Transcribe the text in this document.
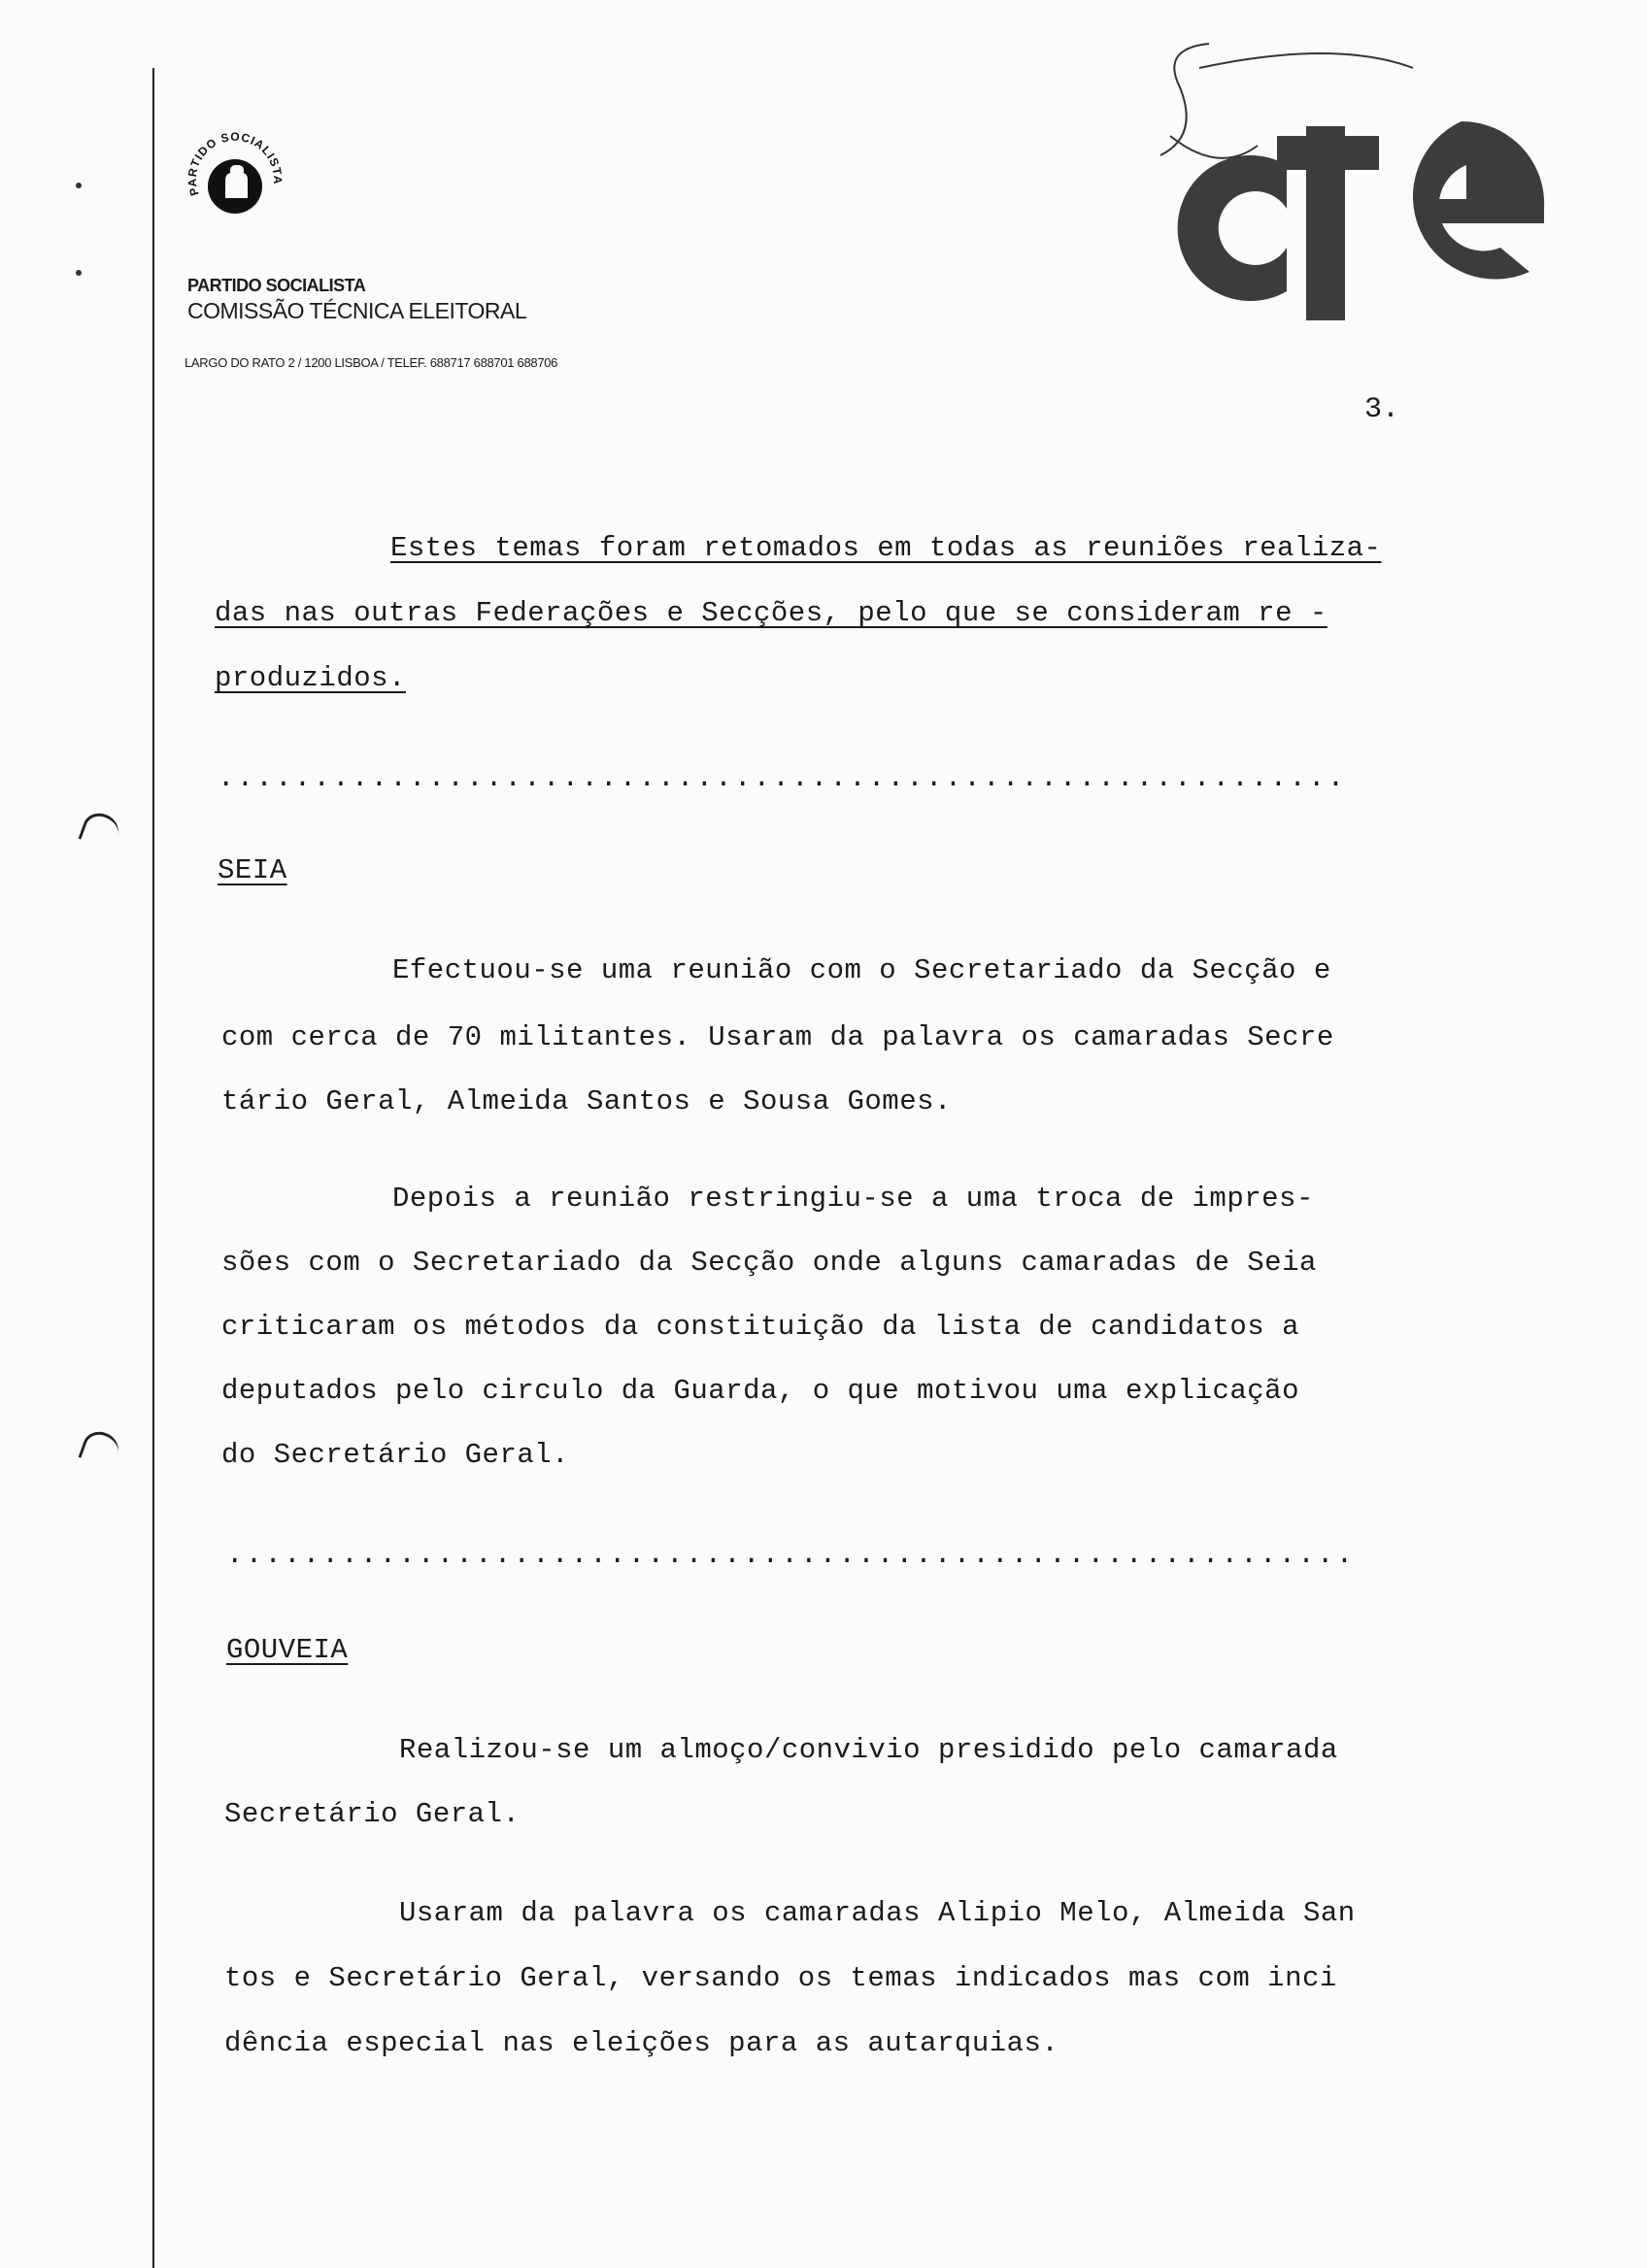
PARTIDO SOCIALISTA
PARTIDO SOCIALISTA
COMISSÃO TÉCNICA ELEITORAL
LARGO DO RATO 2 / 1200 LISBOA / TELEF. 688717 688701 688706
cte
3.
Estes temas foram retomados em todas as reuniões realiza-
das nas outras Federações e Secções, pelo que se consideram re -
produzidos.
...........................................................
SEIA
Efectuou-se uma reunião com o Secretariado da Secção e
com cerca de 70 militantes. Usaram da palavra os camaradas Secre
tário Geral, Almeida Santos e Sousa Gomes.
Depois a reunião restringiu-se a uma troca de impres-
sões com o Secretariado da Secção onde alguns camaradas de Seia
criticaram os métodos da constituição da lista de candidatos a
deputados pelo circulo da Guarda, o que motivou uma explicação
do Secretário Geral.
...........................................................
GOUVEIA
Realizou-se um almoço/convivio presidido pelo camarada
Secretário Geral.
Usaram da palavra os camaradas Alipio Melo, Almeida San
tos e Secretário Geral, versando os temas indicados mas com inci
dência especial nas eleições para as autarquias.
